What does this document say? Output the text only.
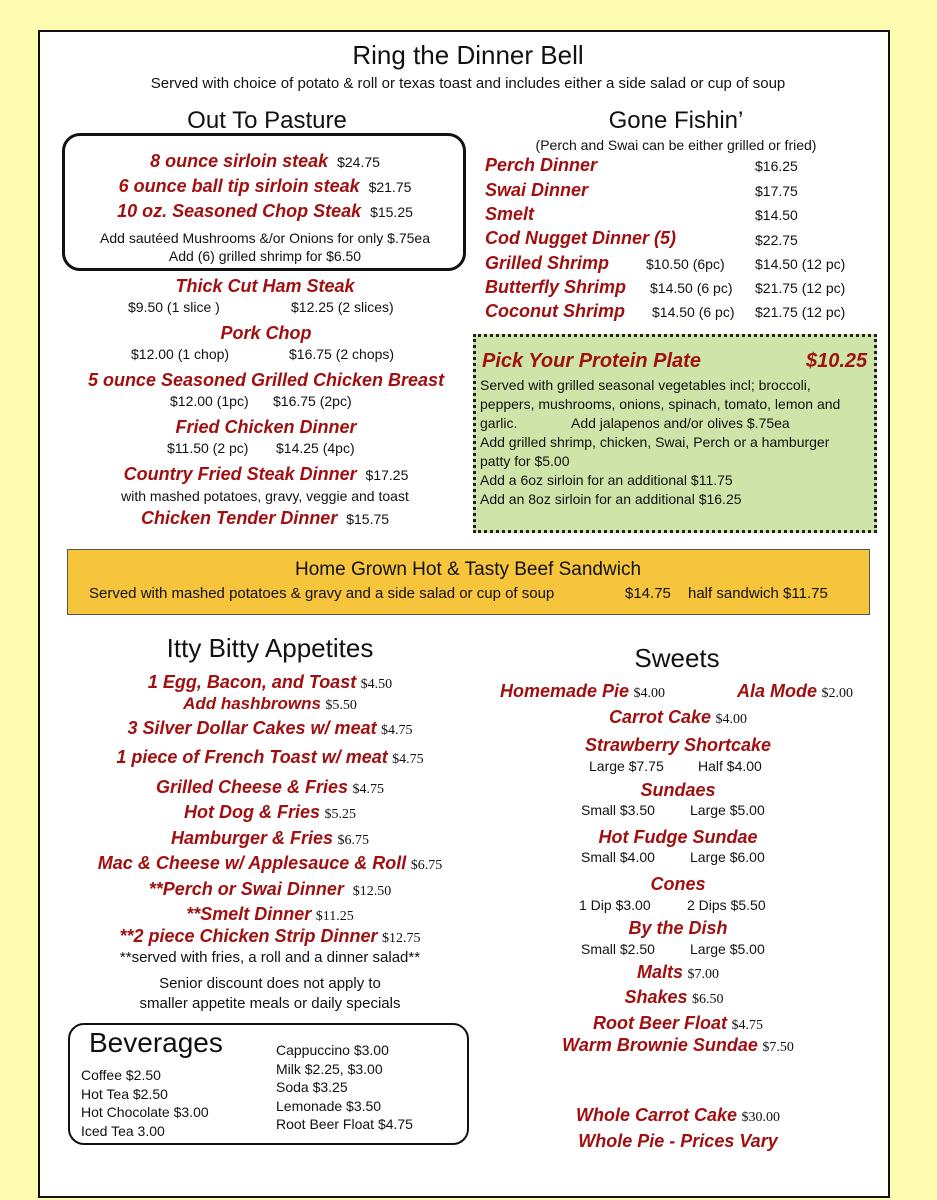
Ring the Dinner Bell
Served with choice of potato & roll or texas toast and includes either a side salad or cup of soup
Out To Pasture
8 ounce sirloin steak $24.75
6 ounce ball tip sirloin steak $21.75
10 oz. Seasoned Chop Steak $15.25
Add sautéed Mushrooms &/or Onions for only $.75ea
Add (6) grilled shrimp for $6.50
Thick Cut Ham Steak
$9.50 (1 slice )	$12.25 (2 slices)
Pork Chop
$12.00 (1 chop)	$16.75 (2 chops)
5 ounce Seasoned Grilled Chicken Breast
$12.00 (1pc) $16.75 (2pc)
Fried Chicken Dinner
$11.50 (2 pc) $14.25 (4pc)
Country Fried Steak Dinner $17.25
with mashed potatoes, gravy, veggie and toast
Chicken Tender Dinner $15.75
Gone Fishin’
(Perch and Swai can be either grilled or fried)
Perch Dinner	$16.25
Swai Dinner	$17.75
Smelt	$14.50
Cod Nugget Dinner (5)	$22.75
Grilled Shrimp	$10.50 (6pc) $14.50 (12 pc)
Butterfly Shrimp $14.50 (6 pc) $21.75 (12 pc)
Coconut Shrimp $14.50 (6 pc) $21.75 (12 pc)
Pick Your Protein Plate	$10.25
Served with grilled seasonal vegetables incl; broccoli,
peppers, mushrooms, onions, spinach, tomato, lemon and
garlic.	Add jalapenos and/or olives $.75ea
Add grilled shrimp, chicken, Swai, Perch or a hamburger
patty for $5.00
Add a 6oz sirloin for an additional $11.75
Add an 8oz sirloin for an additional $16.25
Home Grown Hot & Tasty Beef Sandwich
Served with mashed potatoes & gravy and a side salad or cup of soup	$14.75 half sandwich $11.75
Itty Bitty Appetites
1 Egg, Bacon, and Toast $4.50
Add hashbrowns $5.50
3 Silver Dollar Cakes w/ meat $4.75
1 piece of French Toast w/ meat $4.75
Grilled Cheese & Fries $4.75
Hot Dog & Fries $5.25
Hamburger & Fries $6.75
Mac & Cheese w/ Applesauce & Roll $6.75
**Perch or Swai Dinner $12.50
**Smelt Dinner $11.25
**2 piece Chicken Strip Dinner $12.75
**served with fries, a roll and a dinner salad**
Senior discount does not apply to
smaller appetite meals or daily specials
Beverages
Coffee $2.50
Hot Tea $2.50
Hot Chocolate $3.00
Iced Tea 3.00
Cappuccino $3.00
Milk $2.25, $3.00
Soda $3.25
Lemonade $3.50
Root Beer Float $4.75
Sweets
Homemade Pie $4.00	Ala Mode $2.00
Carrot Cake $4.00
Strawberry Shortcake
Large $7.75 Half $4.00
Sundaes
Small $3.50	Large $5.00
Hot Fudge Sundae
Small $4.00	Large $6.00
Cones
1 Dip $3.00	2 Dips $5.50
By the Dish
Small $2.50	Large $5.00
Malts $7.00
Shakes $6.50
Root Beer Float $4.75
Warm Brownie Sundae $7.50
Whole Carrot Cake $30.00
Whole Pie - Prices Vary
